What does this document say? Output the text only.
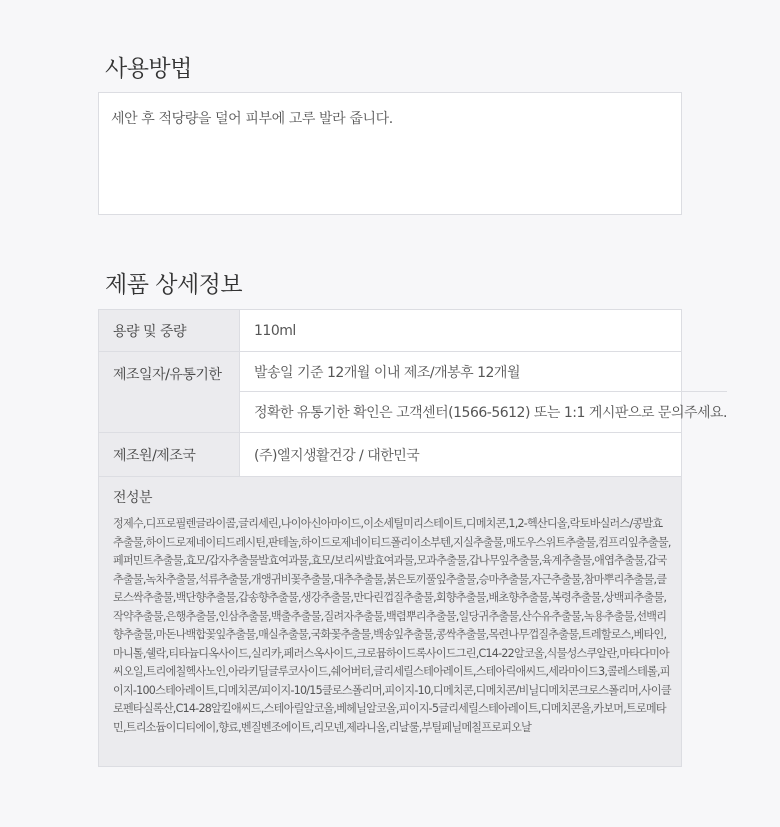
사용방법
세안 후 적당량을 덜어 피부에 고루 발라 줍니다.
제품 상세정보
용량 및 중량	110ml
제조일자/유통기한	발송일 기준 12개월 이내 제조/개봉후 12개월
정확한 유통기한 확인은 고객센터(1566-5612) 또는 1:1 게시판으로 문의주세요.
제조원/제조국	(주)엘지생활건강 / 대한민국

전성분

정제수,디프로필렌글라이콜,글리세린,나이아신아마이드,이소세틸미리스테이트,디메치콘,1,2-헥산디올,락토바실러스/콩발효추출물,하이드로제네이티드레시틴,판테놀,하이드로제네이티드폴리이소부텐,지실추출물,매도우스위트추출물,컴프리잎추출물,페퍼민트추출물,효모/갑자추출물발효여과물,효모/보리씨발효여과물,모과추출물,갑나무잎추출물,육계추출물,애엽추출물,갑국추출물,녹차추출물,석류추출물,개앵귀비꽃추출물,대추추출물,붉은토끼풀잎추출물,승마추출물,자근추출물,참마뿌리추출물,클로스싹추출물,백단향추출물,갑송향추출물,생강추출물,만다린껍질추출물,회향추출물,배초향추출물,복령추출물,상백피추출물,작약추출물,은행추출물,인삼추출물,백출추출물,질려자추출물,백렴뿌리추출물,일당귀추출물,산수유추출물,녹용추출물,선백리향추출물,마돈나백합꽃잎추출물,매실추출물,국화꽃추출물,백송잎추출물,콩싹추출물,목련나무껍질추출물,트레할로스,베타인,마니톨,쉘락,티타늄디옥사이드,실리카,페러스옥사이드,크로뮴하이드록사이드그린,C14-22알코올,식물성스쿠알란,마타다미아씨오일,트리에칠헥사노인,아라키딜글루코사이드,쉐어버터,글리세릴스테아레이트,스테아릭애씨드,세라마이드3,콜레스테롤,피이지-100스테아레이트,디메치콘/피이지-10/15클로스폴리머,피이지-10,디메치콘,디메치콘/비닐디메치콘크로스폴리머,사이클로펜타실록산,C14-28알킬애씨드,스테아릴알코올,베헤닐알코올,피이지-5글리세릴스테아레이트,디메치콘올,카보머,트로메타민,트리소듐이디티에이,향료,벤질벤조에이트,리모넨,제라니올,리날룰,부틸페닐메칠프로피오날
